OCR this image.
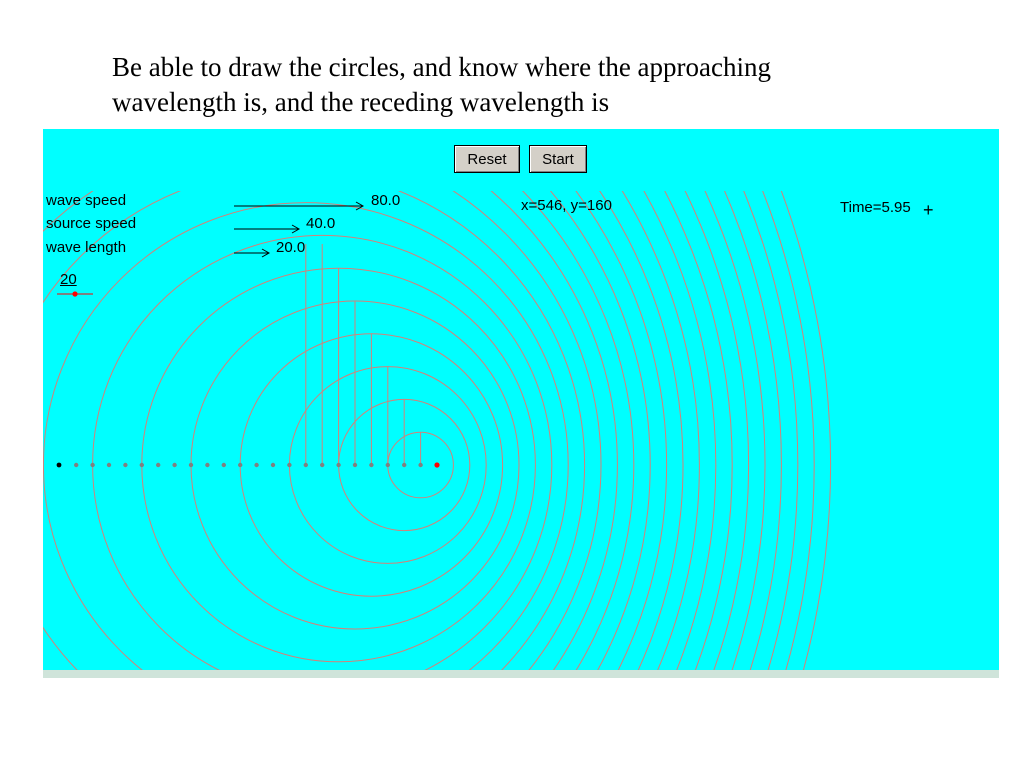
Be able to draw the circles, and know where the approaching
wavelength is, and the receding wavelength is
Reset	Start
wave speed
source speed
wave length
80.0
40.0
20.0
20
x=546, y=160	Time=5.95 +
